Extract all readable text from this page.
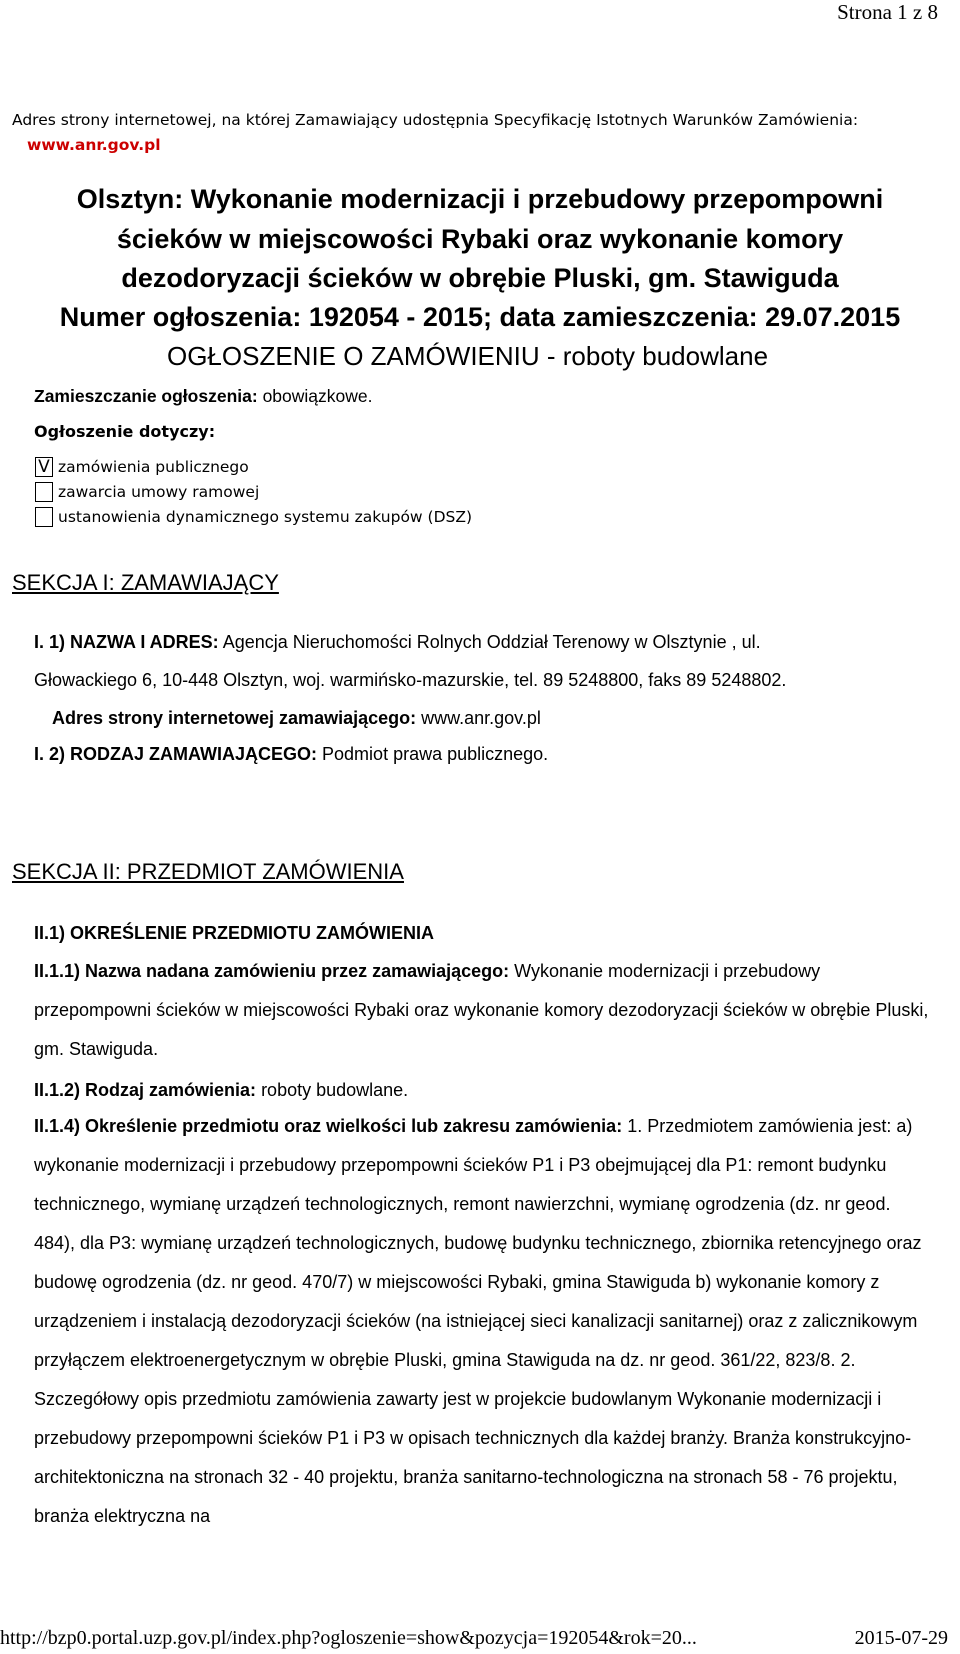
Strona 1 z 8
Adres strony internetowej, na której Zamawiający udostępnia Specyfikację Istotnych Warunków Zamówienia:
www.anr.gov.pl
Olsztyn: Wykonanie modernizacji i przebudowy przepompowni
ścieków w miejscowości Rybaki oraz wykonanie komory
dezodoryzacji ścieków w obrębie Pluski, gm. Stawiguda
Numer ogłoszenia: 192054 - 2015; data zamieszczenia: 29.07.2015
OGŁOSZENIE O ZAMÓWIENIU - roboty budowlane
Zamieszczanie ogłoszenia: obowiązkowe.
Ogłoszenie dotyczy:
V zamówienia publicznego
zawarcia umowy ramowej
ustanowienia dynamicznego systemu zakupów (DSZ)
SEKCJA I: ZAMAWIAJĄCY
I. 1) NAZWA I ADRES: Agencja Nieruchomości Rolnych Oddział Terenowy w Olsztynie , ul.
Głowackiego 6, 10-448 Olsztyn, woj. warmińsko-mazurskie, tel. 89 5248800, faks 89 5248802.
Adres strony internetowej zamawiającego: www.anr.gov.pl
I. 2) RODZAJ ZAMAWIAJĄCEGO: Podmiot prawa publicznego.
SEKCJA II: PRZEDMIOT ZAMÓWIENIA
II.1) OKREŚLENIE PRZEDMIOTU ZAMÓWIENIA

II.1.1) Nazwa nadana zamówieniu przez zamawiającego: Wykonanie modernizacji i przebudowy przepompowni ścieków w miejscowości Rybaki oraz wykonanie komory dezodoryzacji ścieków w obrębie Pluski, gm. Stawiguda.

II.1.2) Rodzaj zamówienia: roboty budowlane.

II.1.4) Określenie przedmiotu oraz wielkości lub zakresu zamówienia: 1. Przedmiotem zamówienia jest: a) wykonanie modernizacji i przebudowy przepompowni ścieków P1 i P3 obejmującej dla P1: remont budynku technicznego, wymianę urządzeń technologicznych, remont nawierzchni, wymianę ogrodzenia (dz. nr geod. 484), dla P3: wymianę urządzeń technologicznych, budowę budynku technicznego, zbiornika retencyjnego oraz budowę ogrodzenia (dz. nr geod. 470/7) w miejscowości Rybaki, gmina Stawiguda b) wykonanie komory z urządzeniem i instalacją dezodoryzacji ścieków (na istniejącej sieci kanalizacji sanitarnej) oraz z zalicznikowym przyłączem elektroenergetycznym w obrębie Pluski, gmina Stawiguda na dz. nr geod. 361/22, 823/8. 2. Szczegółowy opis przedmiotu zamówienia zawarty jest w projekcie budowlanym Wykonanie modernizacji i przebudowy przepompowni ścieków P1 i P3 w opisach technicznych dla każdej branży. Branża konstrukcyjno-architektoniczna na stronach 32 - 40 projektu, branża sanitarno-technologiczna na stronach 58 - 76 projektu, branża elektryczna na

http://bzp0.portal.uzp.gov.pl/index.php?ogloszenie=show&pozycja=192054&rok=20...	2015-07-29
